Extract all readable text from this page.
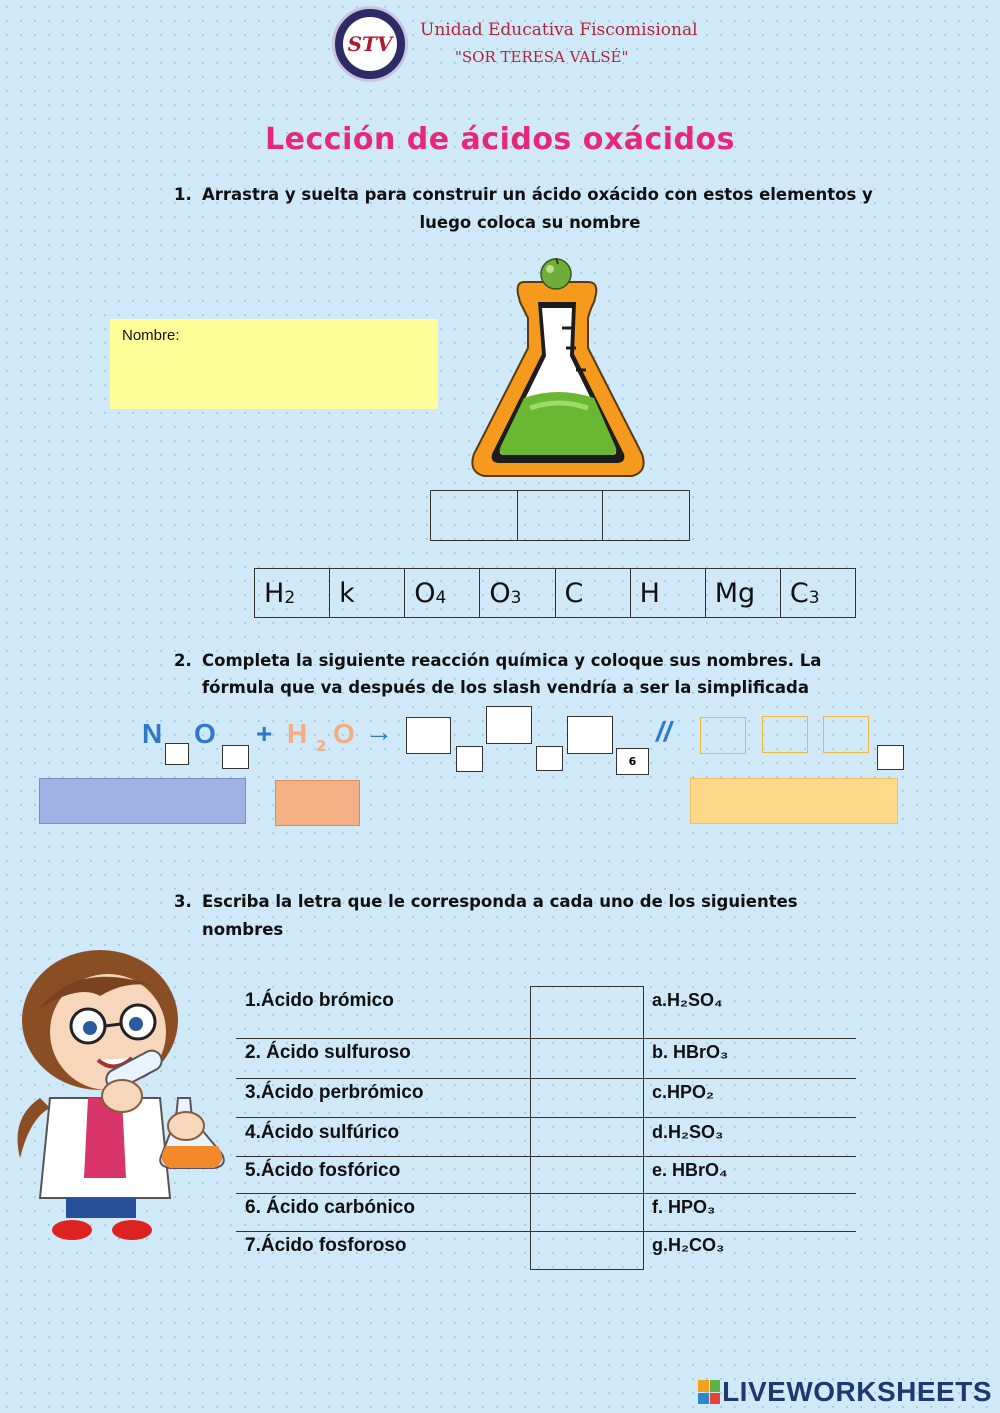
STV
Unidad Educativa Fiscomisional
"SOR TERESA VALSÉ"
Lección de ácidos oxácidos
1. Arrastra y suelta para construir un ácido oxácido con estos elementos y
luego coloca su nombre
Nombre:
$H_2$ k $O_4$ $O_3$ C H Mg $C_3$
2. Completa la siguiente reacción química y coloque sus nombres. La
fórmula que va después de los slash vendría a ser la simplificada
N O + H 2 O →
6
//
3. Escriba la letra que le corresponda a cada uno de los siguientes
nombres
1.Ácido brómico	a.H₂SO₄
2. Ácido sulfuroso	b. HBrO₃
3.Ácido perbrómico	c.HPO₂
4.Ácido sulfúrico	d.H₂SO₃
5.Ácido fosfórico	e. HBrO₄
6. Ácido carbónico	f. HPO₃
7.Ácido fosforoso	g.H₂CO₃
LIVEWORKSHEETS
